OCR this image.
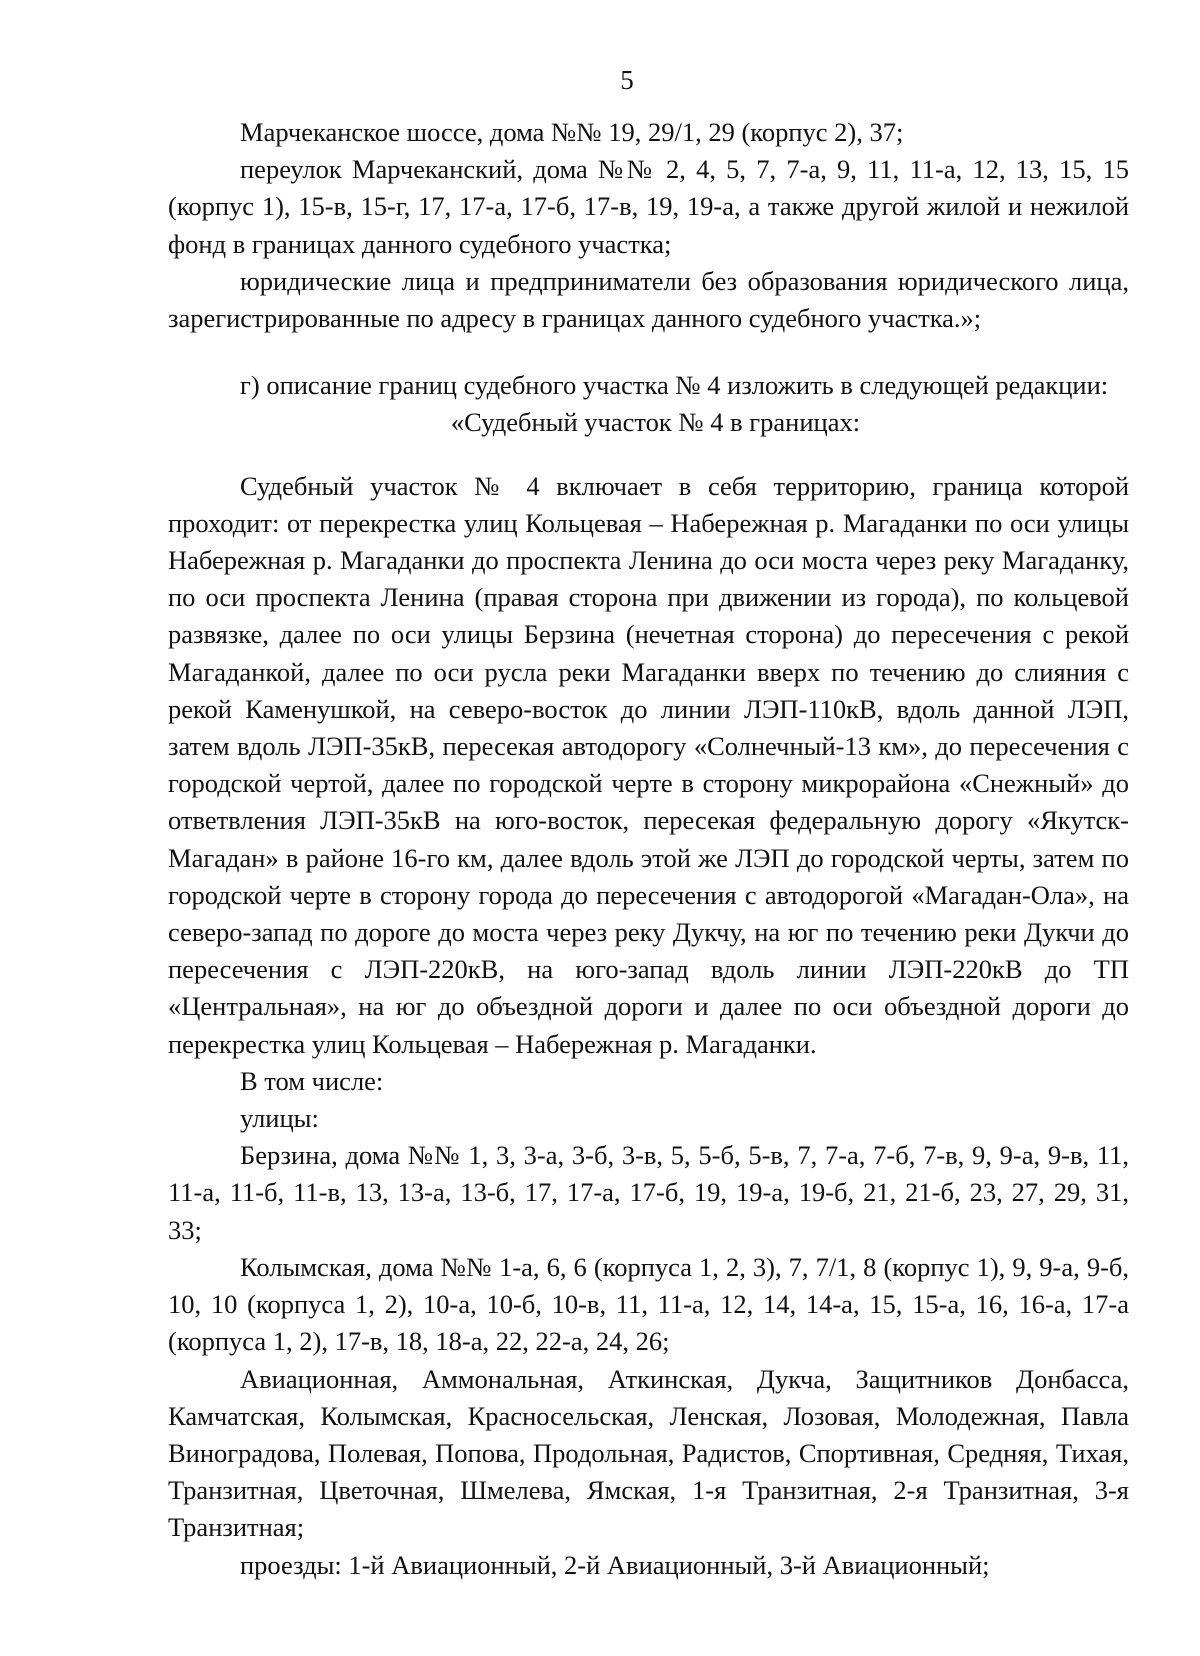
5

Марчеканское шоссе, дома №№ 19, 29/1, 29 (корпус 2), 37;

переулок Марчеканский, дома №№ 2, 4, 5, 7, 7-а, 9, 11, 11-а, 12, 13, 15, 15 (корпус 1), 15-в, 15-г, 17, 17-а, 17-б, 17-в, 19, 19-а, а также другой жилой и нежилой фонд в границах данного судебного участка;

юридические лица и предприниматели без образования юридического лица, зарегистрированные по адресу в границах данного судебного участка.»;

г) описание границ судебного участка № 4 изложить в следующей редакции:

«Судебный участок № 4 в границах:

Судебный участок № 4 включает в себя территорию, граница которой проходит: от перекрестка улиц Кольцевая – Набережная р. Магаданки по оси улицы Набережная р. Магаданки до проспекта Ленина до оси моста через реку Магаданку, по оси проспекта Ленина (правая сторона при движении из города), по кольцевой развязке, далее по оси улицы Берзина (нечетная сторона) до пересечения с рекой Магаданкой, далее по оси русла реки Магаданки вверх по течению до слияния с рекой Каменушкой, на северо-восток до линии ЛЭП-110кВ, вдоль данной ЛЭП, затем вдоль ЛЭП-35кВ, пересекая автодорогу «Солнечный-13 км», до пересечения с городской чертой, далее по городской черте в сторону микрорайона «Снежный» до ответвления ЛЭП-35кВ на юго-восток, пересекая федеральную дорогу «Якутск-Магадан» в районе 16-го км, далее вдоль этой же ЛЭП до городской черты, затем по городской черте в сторону города до пересечения с автодорогой «Магадан-Ола», на северо-запад по дороге до моста через реку Дукчу, на юг по течению реки Дукчи до пересечения с ЛЭП-220кВ, на юго-запад вдоль линии ЛЭП-220кВ до ТП «Центральная», на юг до объездной дороги и далее по оси объездной дороги до перекрестка улиц Кольцевая – Набережная р. Магаданки.

В том числе:

улицы:

Берзина, дома №№ 1, 3, 3-а, 3-б, 3-в, 5, 5-б, 5-в, 7, 7-а, 7-б, 7-в, 9, 9-а, 9-в, 11, 11-а, 11-б, 11-в, 13, 13-а, 13-б, 17, 17-а, 17-б, 19, 19-а, 19-б, 21, 21-б, 23, 27, 29, 31, 33;

Колымская, дома №№ 1-а, 6, 6 (корпуса 1, 2, 3), 7, 7/1, 8 (корпус 1), 9, 9-а, 9-б, 10, 10 (корпуса 1, 2), 10-а, 10-б, 10-в, 11, 11-а, 12, 14, 14-а, 15, 15-а, 16, 16-а, 17-а (корпуса 1, 2), 17-в, 18, 18-а, 22, 22-а, 24, 26;

Авиационная, Аммональная, Аткинская, Дукча, Защитников Донбасса, Камчатская, Колымская, Красносельская, Ленская, Лозовая, Молодежная, Павла Виноградова, Полевая, Попова, Продольная, Радистов, Спортивная, Средняя, Тихая, Транзитная, Цветочная, Шмелева, Ямская, 1-я Транзитная, 2-я Транзитная, 3-я Транзитная;

проезды: 1-й Авиационный, 2-й Авиационный, 3-й Авиационный;
